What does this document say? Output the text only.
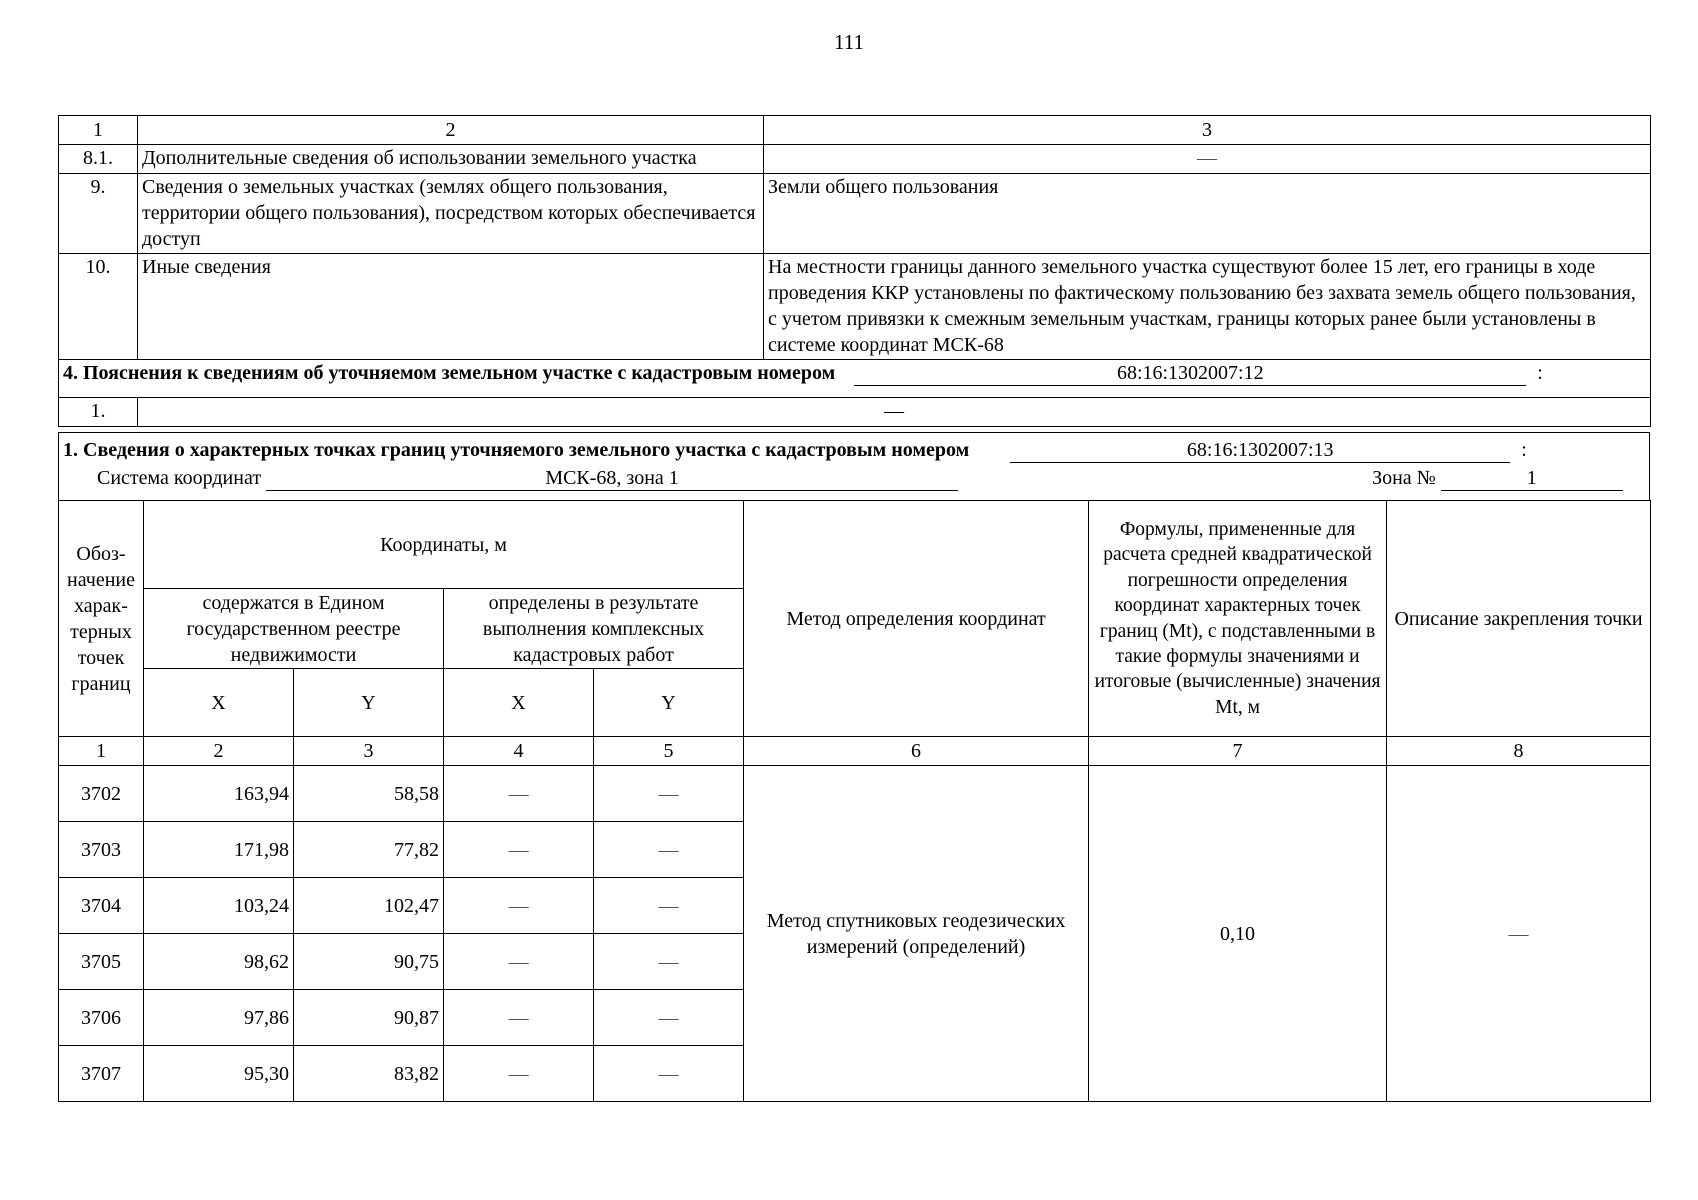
111
1	2	3
8.1.	Дополнительные сведения об использовании земельного участка	—
9.	Сведения о земельных участках (землях общего пользования, территории общего пользования), посредством которых обеспечивается доступ	Земли общего пользования
10.	Иные сведения	На местности границы данного земельного участка существуют более 15 лет, его границы в ходе проведения ККР установлены по фактическому пользованию без захвата земель общего пользования, с учетом привязки к смежным земельным участкам, границы которых ранее были установлены в системе координат МСК-68
4. Пояснения к сведениям об уточняемом земельном участке с кадастровым номером 68:16:1302007:12 :		
1.	—	
1. Сведения о характерных точках границ уточняемого земельного участка с кадастровым номером	68:16:1302007:13	:
Система координат	МСК-68, зона 1	Зона №	1
Обоз-начение харак-терных точек границ	Координаты, м				Метод определения координат	Формулы, примененные для расчета средней квадратической погрешности определения координат характерных точек границ (Mt), с подставленными в такие формулы значениями и итоговые (вычисленные) значения Mt, м	Описание закрепления точки
	содержатся в Едином государственном реестре недвижимости		определены в результате выполнения комплексных кадастровых работ				
	X	Y	X	Y			
1	2	3	4	5	6	7	8
3702	163,94	58,58	—	—	Метод спутниковых геодезических измерений (определений)	0,10	—
3703	171,98	77,82	—	—			
3704	103,24	102,47	—	—			
3705	98,62	90,75	—	—			
3706	97,86	90,87	—	—			
3707	95,30	83,82	—	—			
